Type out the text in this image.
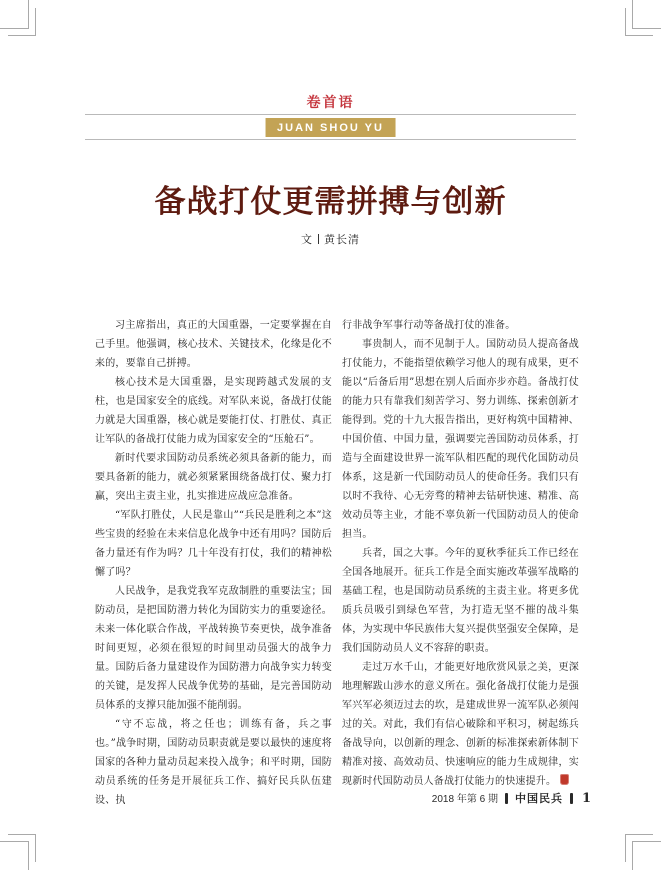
卷首语
JUAN SHOU YU
备战打仗更需拼搏与创新
文 黄长清

习主席指出，真正的大国重器，一定要掌握在自己手里。他强调，核心技术、关键技术，化缘是化不来的，要靠自己拼搏。

核心技术是大国重器，是实现跨越式发展的支柱，也是国家安全的底线。对军队来说，备战打仗能力就是大国重器，核心就是要能打仗、打胜仗、真正让军队的备战打仗能力成为国家安全的“压舱石”。

新时代要求国防动员系统必须具备新的能力，而要具备新的能力，就必须紧紧围绕备战打仗、聚力打赢，突出主责主业，扎实推进应战应急准备。

“军队打胜仗，人民是靠山”“兵民是胜利之本”这些宝贵的经验在未来信息化战争中还有用吗？国防后备力量还有作为吗？几十年没有打仗，我们的精神松懈了吗？

人民战争，是我党我军克敌制胜的重要法宝；国防动员，是把国防潜力转化为国防实力的重要途径。未来一体化联合作战，平战转换节奏更快，战争准备时间更短，必须在很短的时间里动员强大的战争力量。国防后备力量建设作为国防潜力向战争实力转变的关键，是发挥人民战争优势的基础，是完善国防动员体系的支撑只能加强不能削弱。

“守不忘战，将之任也；训练有备，兵之事也。”战争时期，国防动员职责就是要以最快的速度将国家的各种力量动员起来投入战争；和平时期，国防动员系统的任务是开展征兵工作、搞好民兵队伍建设、执

行非战争军事行动等备战打仗的准备。

事贵制人，而不见制于人。国防动员人提高备战打仗能力，不能指望依赖学习他人的现有成果，更不能以“后备后用”思想在别人后面亦步亦趋。备战打仗的能力只有靠我们刻苦学习、努力训练、探索创新才能得到。党的十九大报告指出，更好构筑中国精神、中国价值、中国力量，强调要完善国防动员体系，打造与全面建设世界一流军队相匹配的现代化国防动员体系，这是新一代国防动员人的使命任务。我们只有以时不我待、心无旁骛的精神去钻研快速、精准、高效动员等主业，才能不辜负新一代国防动员人的使命担当。

兵者，国之大事。今年的夏秋季征兵工作已经在全国各地展开。征兵工作是全面实施改革强军战略的基础工程，也是国防动员系统的主责主业。将更多优质兵员吸引到绿色军营，为打造无坚不摧的战斗集体，为实现中华民族伟大复兴提供坚强安全保障，是我们国防动员人义不容辞的职责。

走过万水千山，才能更好地欣赏风景之美，更深地理解跋山涉水的意义所在。强化备战打仗能力是强军兴军必须迈过去的坎，是建成世界一流军队必须闯过的关。对此，我们有信心破除和平积习，树起练兵备战导向，以创新的理念、创新的标准探索新体制下精准对接、高效动员、快速响应的能力生成规律，实现新时代国防动员人备战打仗能力的快速提升。

2018 年第 6 期 中国民兵 1
